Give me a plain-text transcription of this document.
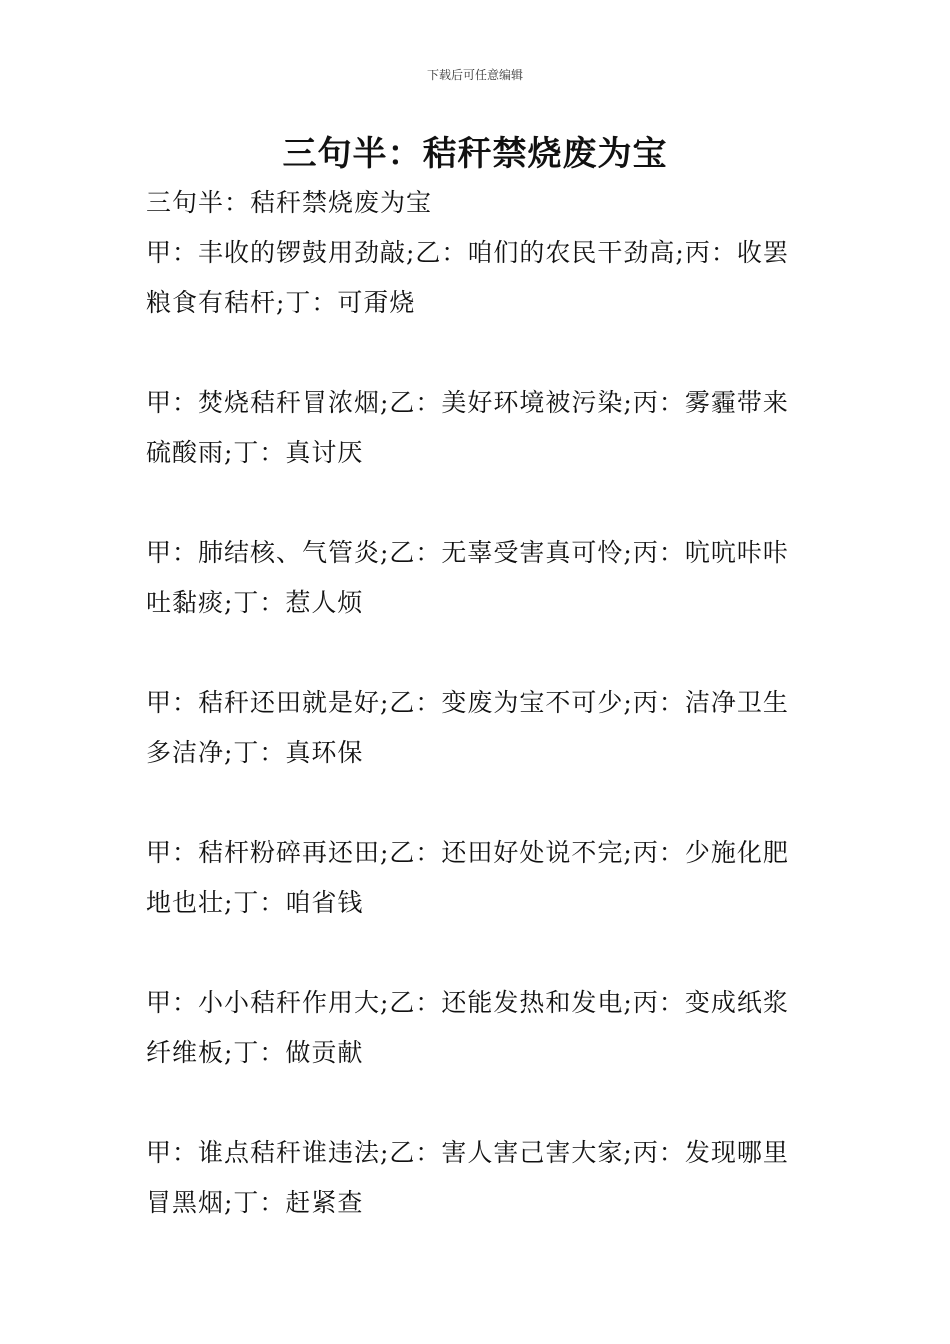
下载后可任意编辑
三句半：秸秆禁烧废为宝

三句半：秸秆禁烧废为宝

甲：丰收的锣鼓用劲敲;乙：咱们的农民干劲高;丙：收罢粮食有秸杆;丁：可甭烧

甲：焚烧秸秆冒浓烟;乙：美好环境被污染;丙：雾霾带来硫酸雨;丁：真讨厌

甲：肺结核、气管炎;乙：无辜受害真可怜;丙：吭吭咔咔吐黏痰;丁：惹人烦

甲：秸秆还田就是好;乙：变废为宝不可少;丙：洁净卫生多洁净;丁：真环保

甲：秸杆粉碎再还田;乙：还田好处说不完;丙：少施化肥地也壮;丁：咱省钱

甲：小小秸秆作用大;乙：还能发热和发电;丙：变成纸浆纤维板;丁：做贡献

甲：谁点秸秆谁违法;乙：害人害己害大家;丙：发现哪里冒黑烟;丁：赶紧查
